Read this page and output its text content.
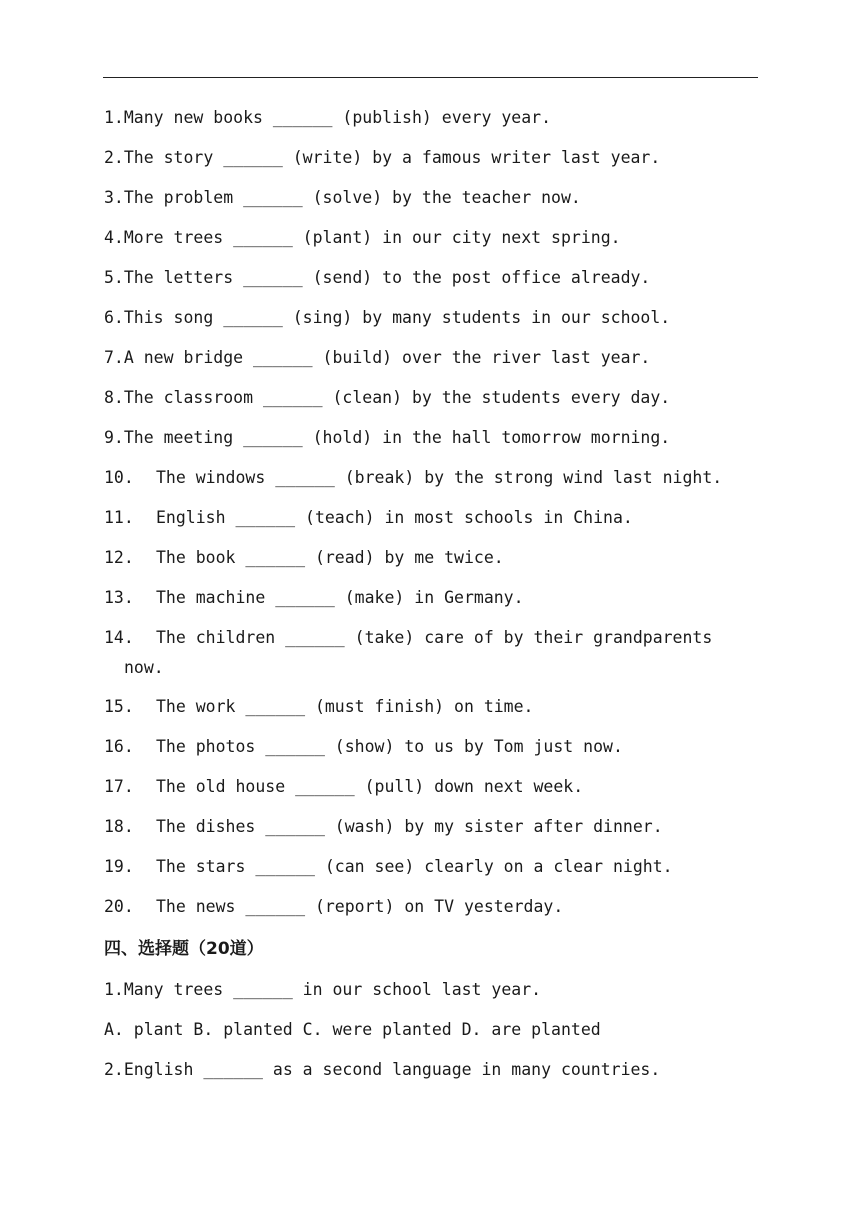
1.Many new books ______ (publish) every year.
2.The story ______ (write) by a famous writer last year.
3.The problem ______ (solve) by the teacher now.
4.More trees ______ (plant) in our city next spring.
5.The letters ______ (send) to the post office already.
6.This song ______ (sing) by many students in our school.
7.A new bridge ______ (build) over the river last year.
8.The classroom ______ (clean) by the students every day.
9.The meeting ______ (hold) in the hall tomorrow morning.
10. The windows ______ (break) by the strong wind last night.
11. English ______ (teach) in most schools in China.
12. The book ______ (read) by me twice.
13. The machine ______ (make) in Germany.
14. The children ______ (take) care of by their grandparents
now.
15. The work ______ (must finish) on time.
16. The photos ______ (show) to us by Tom just now.
17. The old house ______ (pull) down next week.
18. The dishes ______ (wash) by my sister after dinner.
19. The stars ______ (can see) clearly on a clear night.
20. The news ______ (report) on TV yesterday.
四、选择题（20道）
1.Many trees ______ in our school last year.
A. plant B. planted C. were planted D. are planted
2.English ______ as a second language in many countries.
